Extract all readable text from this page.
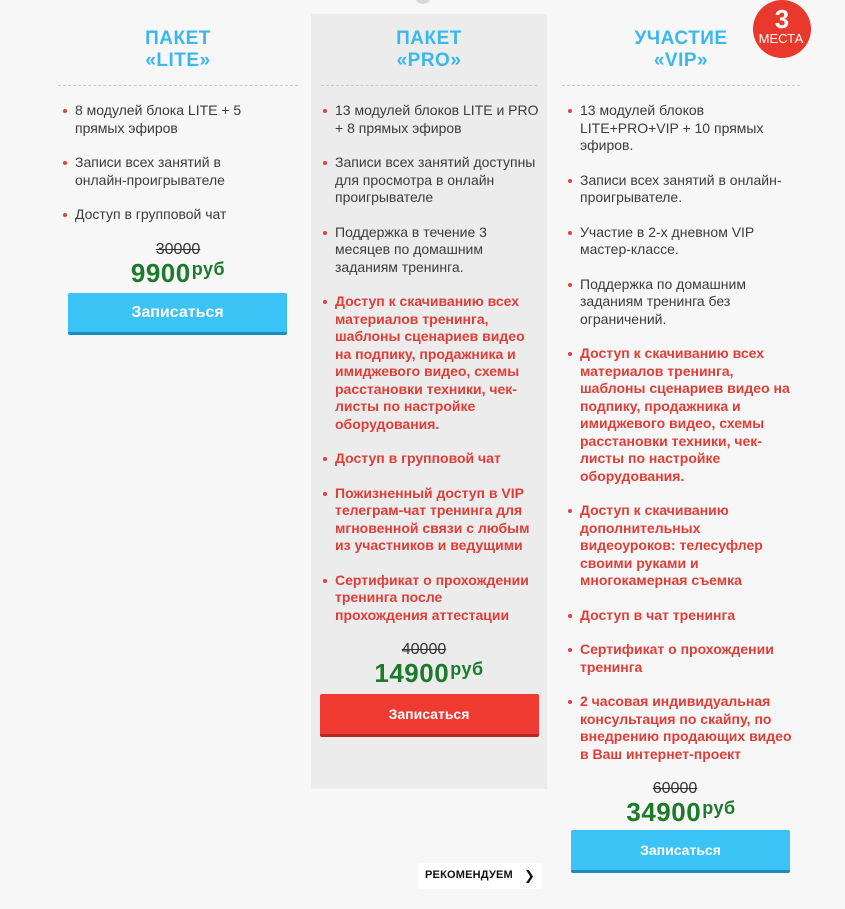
ПАКЕТ
«LITE»
8 модулей блока LITE + 5 прямых эфиров
Записи всех занятий в онлайн-проигрывателе
Доступ в групповой чат
30000
$9900^{руб}$
Записаться
ПАКЕТ
«PRO»
13 модулей блоков LITE и PRO + 8 прямых эфиров
Записи всех занятий доступны для просмотра в онлайн проигрывателе
Поддержка в течение 3 месяцев по домашним заданиям тренинга.
Доступ к скачиванию всех материалов тренинга, шаблоны сценариев видео на подпику, продажника и имиджевого видео, схемы расстановки техники, чек-листы по настройке оборудования.
Доступ в групповой чат
Пожизненный доступ в VIP телеграм-чат тренинга для мгновенной связи с любым из участников и ведущими
Сертификат о прохождении тренинга после прохождения аттестации
40000
$14900^{руб}$
Записаться
УЧАСТИЕ
«VIP»
13 модулей блоков LITE+PRO+VIP + 10 прямых эфиров.
Записи всех занятий в онлайн-проигрывателе.
Участие в 2-х дневном VIP мастер-классе.
Поддержка по домашним заданиям тренинга без ограничений.
Доступ к скачиванию всех материалов тренинга, шаблоны сценариев видео на подпику, продажника и имиджевого видео, схемы расстановки техники, чек-листы по настройке оборудования.
Доступ к скачиванию дополнительных видеоуроков: телесуфлер своими руками и многокамерная съемка
Доступ в чат тренинга
Сертификат о прохождении тренинга
2 часовая индивидуальная консультация по скайпу, по внедрению продающих видео в Ваш интернет-проект
60000
$34900^{руб}$
Записаться
3
МЕСТА
РЕКОМЕНДУЕМ ❯
